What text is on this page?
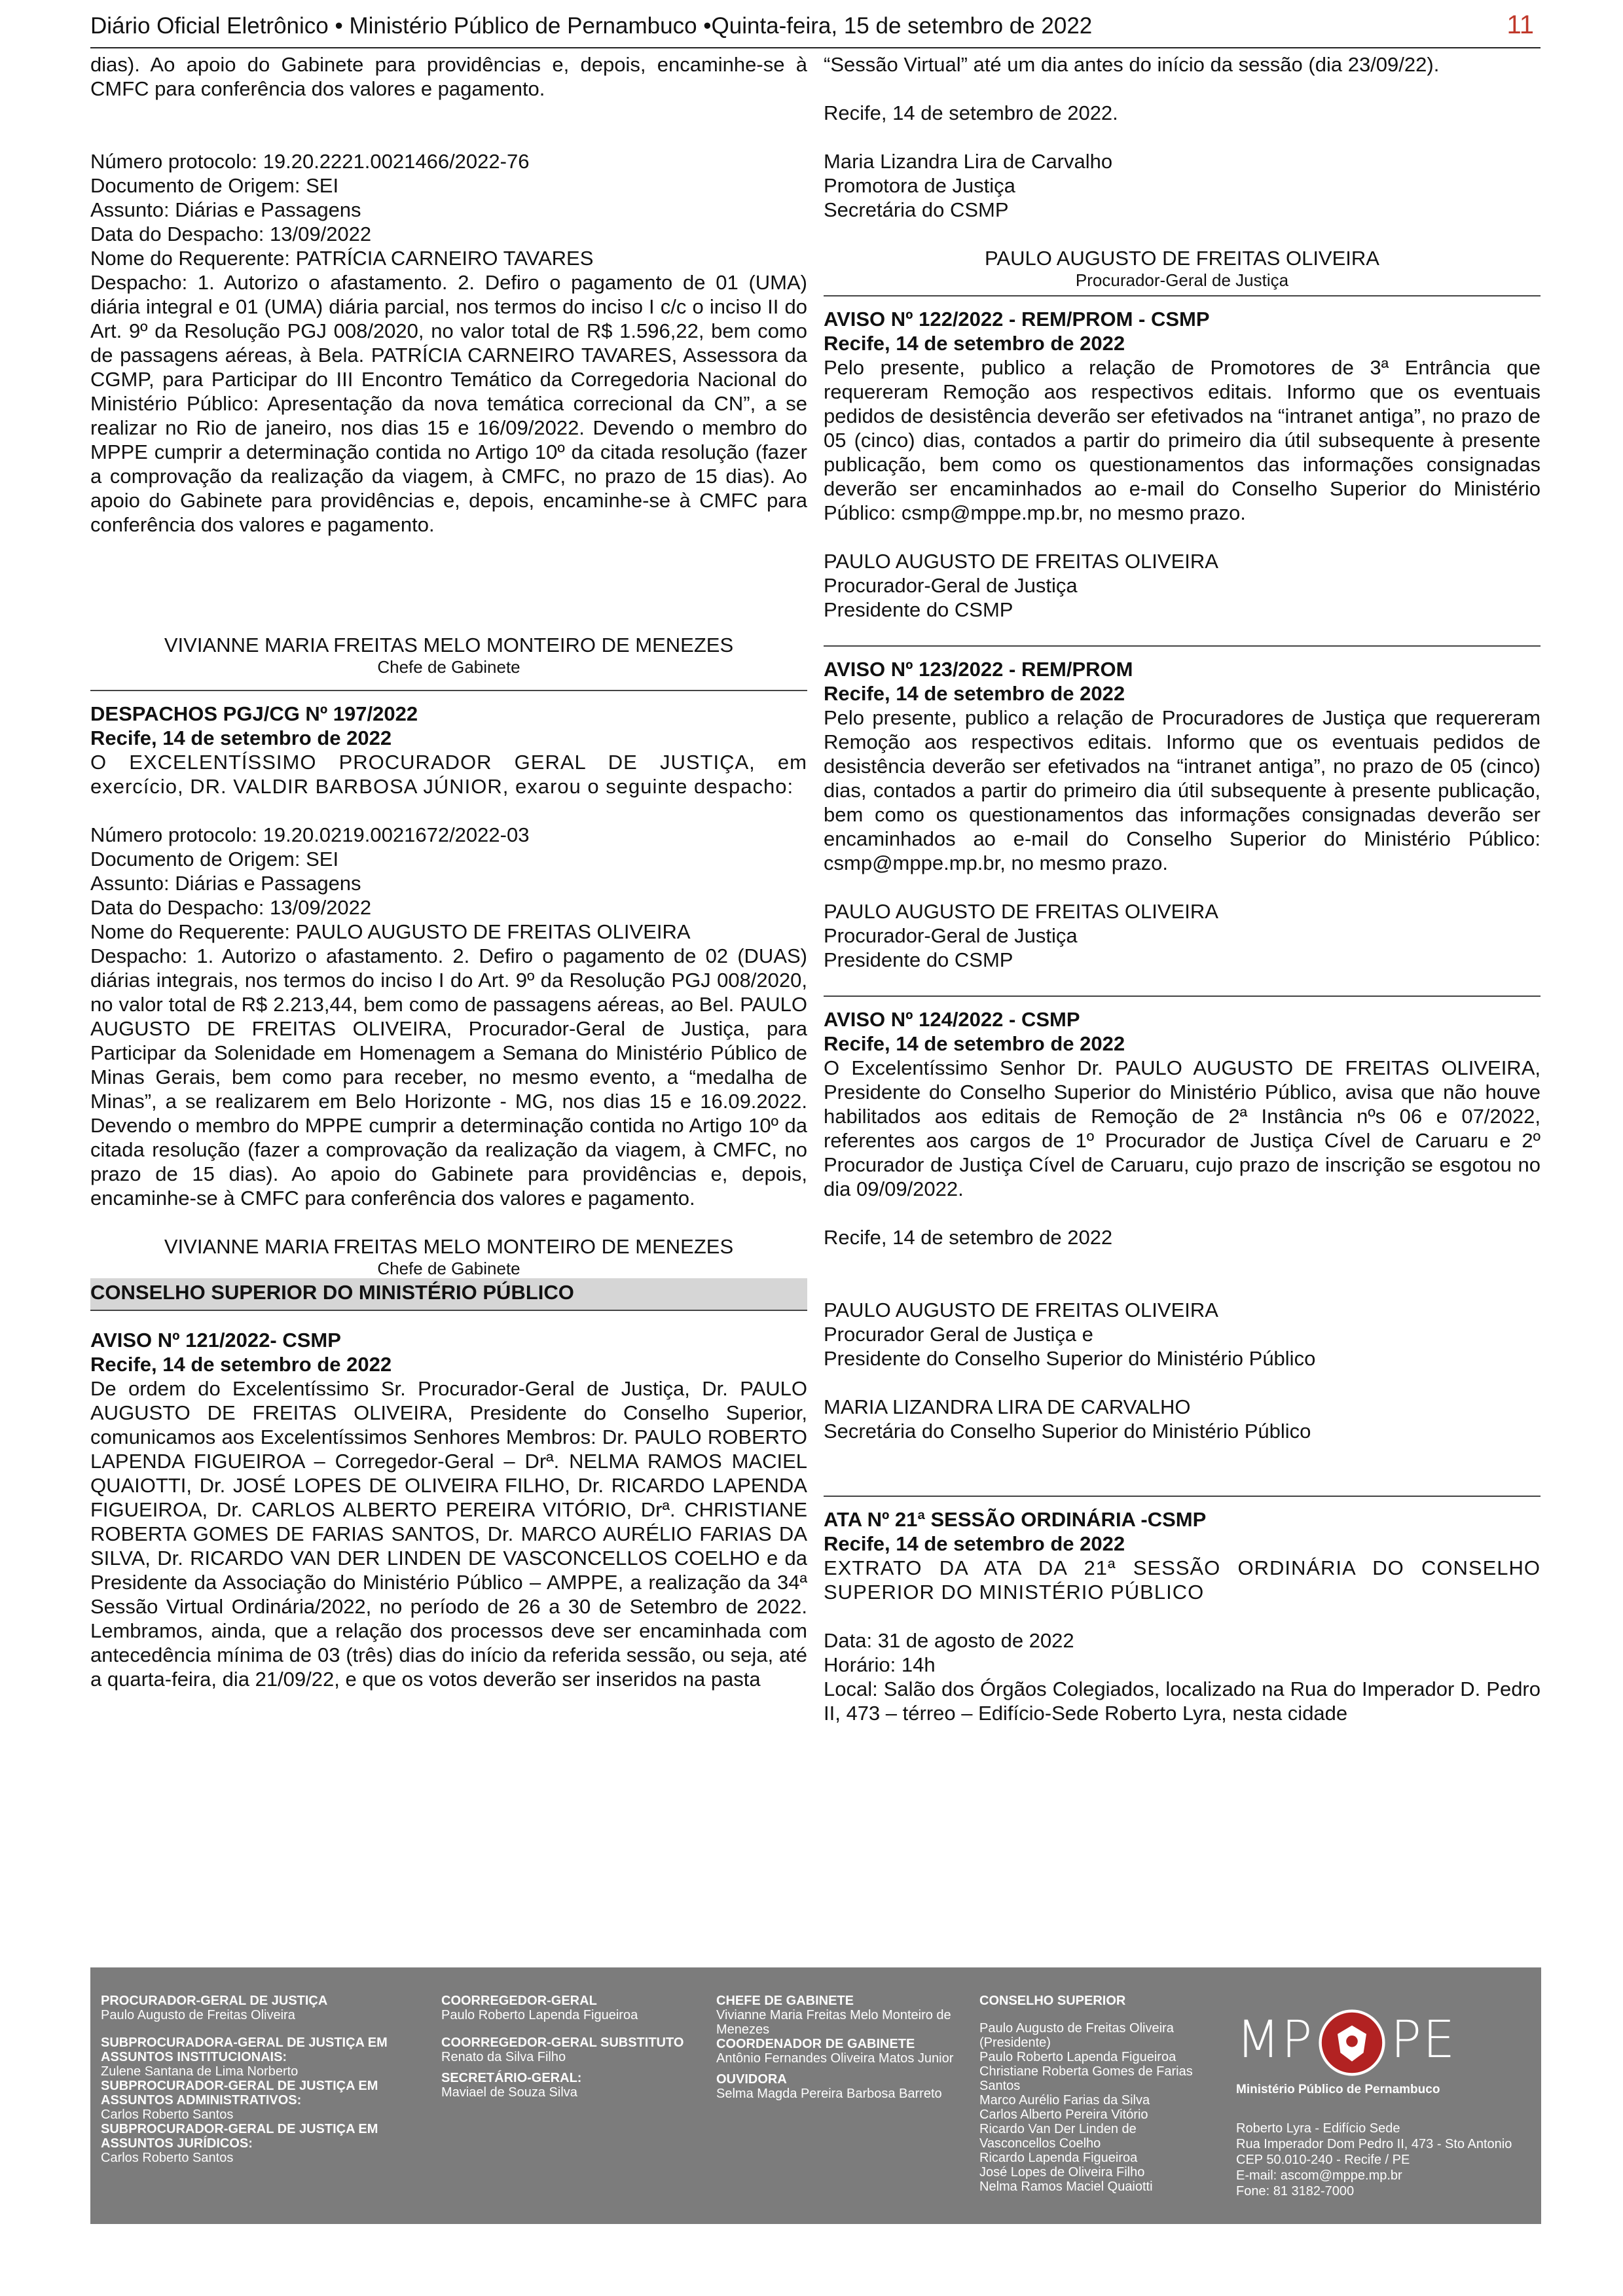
Diário Oficial Eletrônico • Ministério Público de Pernambuco •Quinta-feira, 15 de setembro de 2022	11

dias). Ao apoio do Gabinete para providências e, depois, encaminhe-se à CMFC para conferência dos valores e pagamento.

Número protocolo: 19.20.2221.0021466/2022-76

Documento de Origem: SEI

Assunto: Diárias e Passagens

Data do Despacho: 13/09/2022

Nome do Requerente: PATRÍCIA CARNEIRO TAVARES

Despacho: 1. Autorizo o afastamento. 2. Defiro o pagamento de 01 (UMA) diária integral e 01 (UMA) diária parcial, nos termos do inciso I c/c o inciso II do Art. 9º da Resolução PGJ 008/2020, no valor total de R$ 1.596,22, bem como de passagens aéreas, à Bela. PATRÍCIA CARNEIRO TAVARES, Assessora da CGMP, para Participar do III Encontro Temático da Corregedoria Nacional do Ministério Público: Apresentação da nova temática correcional da CN”, a se realizar no Rio de janeiro, nos dias 15 e 16/09/2022. Devendo o membro do MPPE cumprir a determinação contida no Artigo 10º da citada resolução (fazer a comprovação da realização da viagem, à CMFC, no prazo de 15 dias). Ao apoio do Gabinete para providências e, depois, encaminhe-se à CMFC para conferência dos valores e pagamento.

VIVIANNE MARIA FREITAS MELO MONTEIRO DE MENEZES

Chefe de Gabinete

DESPACHOS PGJ/CG Nº 197/2022

Recife, 14 de setembro de 2022

O EXCELENTÍSSIMO PROCURADOR GERAL DE JUSTIÇA, em exercício, DR. VALDIR BARBOSA JÚNIOR, exarou o seguinte despacho:

Número protocolo: 19.20.0219.0021672/2022-03

Documento de Origem: SEI

Assunto: Diárias e Passagens

Data do Despacho: 13/09/2022

Nome do Requerente: PAULO AUGUSTO DE FREITAS OLIVEIRA

Despacho: 1. Autorizo o afastamento. 2. Defiro o pagamento de 02 (DUAS) diárias integrais, nos termos do inciso I do Art. 9º da Resolução PGJ 008/2020, no valor total de R$ 2.213,44, bem como de passagens aéreas, ao Bel. PAULO AUGUSTO DE FREITAS OLIVEIRA, Procurador-Geral de Justiça, para Participar da Solenidade em Homenagem a Semana do Ministério Público de Minas Gerais, bem como para receber, no mesmo evento, a “medalha de Minas”, a se realizarem em Belo Horizonte - MG, nos dias 15 e 16.09.2022. Devendo o membro do MPPE cumprir a determinação contida no Artigo 10º da citada resolução (fazer a comprovação da realização da viagem, à CMFC, no prazo de 15 dias). Ao apoio do Gabinete para providências e, depois, encaminhe-se à CMFC para conferência dos valores e pagamento.

VIVIANNE MARIA FREITAS MELO MONTEIRO DE MENEZES

Chefe de Gabinete

CONSELHO SUPERIOR DO MINISTÉRIO PÚBLICO

AVISO Nº 121/2022- CSMP

Recife, 14 de setembro de 2022

De ordem do Excelentíssimo Sr. Procurador-Geral de Justiça, Dr. PAULO AUGUSTO DE FREITAS OLIVEIRA, Presidente do Conselho Superior, comunicamos aos Excelentíssimos Senhores Membros: Dr. PAULO ROBERTO LAPENDA FIGUEIROA – Corregedor-Geral – Drª. NELMA RAMOS MACIEL QUAIOTTI, Dr. JOSÉ LOPES DE OLIVEIRA FILHO, Dr. RICARDO LAPENDA FIGUEIROA, Dr. CARLOS ALBERTO PEREIRA VITÓRIO, Drª. CHRISTIANE ROBERTA GOMES DE FARIAS SANTOS, Dr. MARCO AURÉLIO FARIAS DA SILVA, Dr. RICARDO VAN DER LINDEN DE VASCONCELLOS COELHO e da Presidente da Associação do Ministério Público – AMPPE, a realização da 34ª Sessão Virtual Ordinária/2022, no período de 26 a 30 de Setembro de 2022. Lembramos, ainda, que a relação dos processos deve ser encaminhada com antecedência mínima de 03 (três) dias do início da referida sessão, ou seja, até a quarta-feira, dia 21/09/22, e que os votos deverão ser inseridos na pasta

“Sessão Virtual” até um dia antes do início da sessão (dia 23/09/22).

Recife, 14 de setembro de 2022.

Maria Lizandra Lira de Carvalho

Promotora de Justiça

Secretária do CSMP

PAULO AUGUSTO DE FREITAS OLIVEIRA

Procurador-Geral de Justiça

AVISO Nº 122/2022 - REM/PROM - CSMP

Recife, 14 de setembro de 2022

Pelo presente, publico a relação de Promotores de 3ª Entrância que requereram Remoção aos respectivos editais. Informo que os eventuais pedidos de desistência deverão ser efetivados na “intranet antiga”, no prazo de 05 (cinco) dias, contados a partir do primeiro dia útil subsequente à presente publicação, bem como os questionamentos das informações consignadas deverão ser encaminhados ao e-mail do Conselho Superior do Ministério Público: csmp@mppe.mp.br, no mesmo prazo.

PAULO AUGUSTO DE FREITAS OLIVEIRA

Procurador-Geral de Justiça

Presidente do CSMP

AVISO Nº 123/2022 - REM/PROM

Recife, 14 de setembro de 2022

Pelo presente, publico a relação de Procuradores de Justiça que requereram Remoção aos respectivos editais. Informo que os eventuais pedidos de desistência deverão ser efetivados na “intranet antiga”, no prazo de 05 (cinco) dias, contados a partir do primeiro dia útil subsequente à presente publicação, bem como os questionamentos das informações consignadas deverão ser encaminhados ao e-mail do Conselho Superior do Ministério Público: csmp@mppe.mp.br, no mesmo prazo.

PAULO AUGUSTO DE FREITAS OLIVEIRA

Procurador-Geral de Justiça

Presidente do CSMP

AVISO Nº 124/2022 - CSMP

Recife, 14 de setembro de 2022

O Excelentíssimo Senhor Dr. PAULO AUGUSTO DE FREITAS OLIVEIRA, Presidente do Conselho Superior do Ministério Público, avisa que não houve habilitados aos editais de Remoção de 2ª Instância nºs 06 e 07/2022, referentes aos cargos de 1º Procurador de Justiça Cível de Caruaru e 2º Procurador de Justiça Cível de Caruaru, cujo prazo de inscrição se esgotou no dia 09/09/2022.

Recife, 14 de setembro de 2022

PAULO AUGUSTO DE FREITAS OLIVEIRA

Procurador Geral de Justiça e

Presidente do Conselho Superior do Ministério Público

MARIA LIZANDRA LIRA DE CARVALHO

Secretária do Conselho Superior do Ministério Público

ATA Nº 21ª SESSÃO ORDINÁRIA -CSMP

Recife, 14 de setembro de 2022

EXTRATO DA ATA DA 21ª SESSÃO ORDINÁRIA DO CONSELHO SUPERIOR DO MINISTÉRIO PÚBLICO

Data: 31 de agosto de 2022

Horário: 14h

Local: Salão dos Órgãos Colegiados, localizado na Rua do Imperador D. Pedro II, 473 – térreo – Edifício-Sede Roberto Lyra, nesta cidade

PROCURADOR-GERAL DE JUSTIÇA
Paulo Augusto de Freitas Oliveira
SUBPROCURADORA-GERAL DE JUSTIÇA EM ASSUNTOS INSTITUCIONAIS:
Zulene Santana de Lima Norberto
SUBPROCURADOR-GERAL DE JUSTIÇA EM ASSUNTOS ADMINISTRATIVOS:
Carlos Roberto Santos
SUBPROCURADOR-GERAL DE JUSTIÇA EM ASSUNTOS JURÍDICOS:
Carlos Roberto Santos
COORREGEDOR-GERAL
Paulo Roberto Lapenda Figueiroa
COORREGEDOR-GERAL SUBSTITUTO
Renato da Silva Filho
SECRETÁRIO-GERAL:
Maviael de Souza Silva
CHEFE DE GABINETE
Vivianne Maria Freitas Melo Monteiro de Menezes
COORDENADOR DE GABINETE
Antônio Fernandes Oliveira Matos Junior
OUVIDORA
Selma Magda Pereira Barbosa Barreto
CONSELHO SUPERIOR
Paulo Augusto de Freitas Oliveira
(Presidente)
Paulo Roberto Lapenda Figueiroa
Christiane Roberta Gomes de Farias
Santos
Marco Aurélio Farias da Silva
Carlos Alberto Pereira Vitório
Ricardo Van Der Linden de
Vasconcellos Coelho
Ricardo Lapenda Figueiroa
José Lopes de Oliveira Filho
Nelma Ramos Maciel Quaiotti
MP PE
Ministério Público de Pernambuco
Roberto Lyra - Edifício Sede
Rua Imperador Dom Pedro II, 473 - Sto Antonio
CEP 50.010-240 - Recife / PE
E-mail: ascom@mppe.mp.br
Fone: 81 3182-7000
